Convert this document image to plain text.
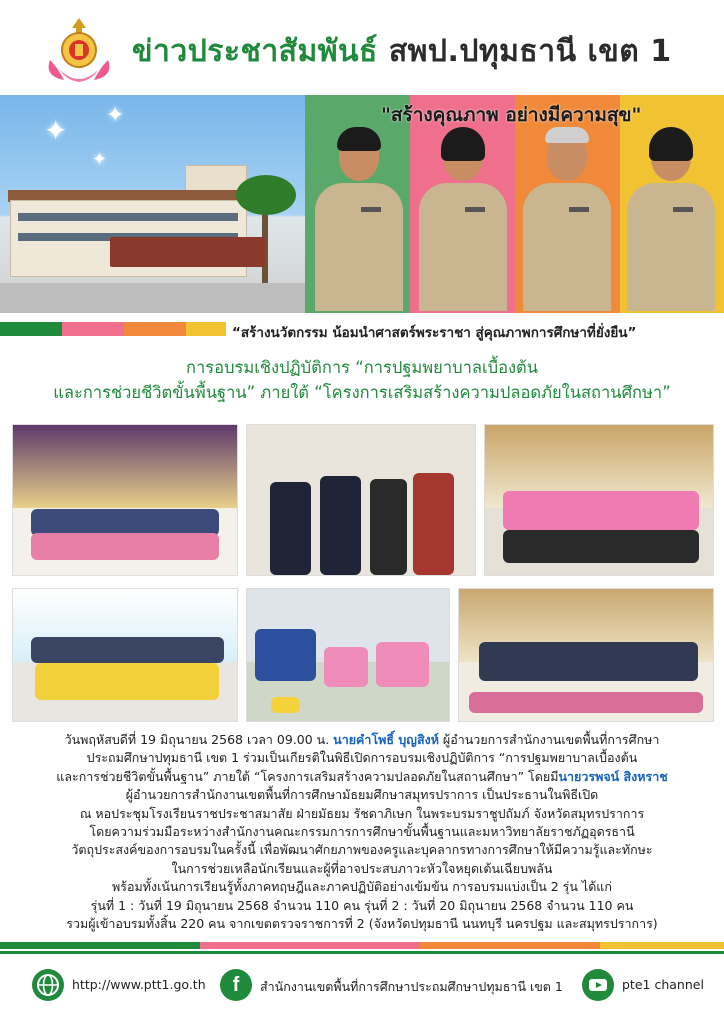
ข่าวประชาสัมพันธ์ สพป.ปทุมธานี เขต 1
✦ ✦
✦
"สร้างคุณภาพ อย่างมีความสุข"
“สร้างนวัตกรรม น้อมนำศาสตร์พระราชา สู่คุณภาพการศึกษาที่ยั่งยืน”
การอบรมเชิงปฏิบัติการ “การปฐมพยาบาลเบื้องต้น
และการช่วยชีวิตขั้นพื้นฐาน” ภายใต้ “โครงการเสริมสร้างความปลอดภัยในสถานศึกษา”
วันพฤหัสบดีที่ 19 มิถุนายน 2568 เวลา 09.00 น. นายคำโพธิ์ บุญสิงห์ ผู้อำนวยการสำนักงานเขตพื้นที่การศึกษา
ประถมศึกษาปทุมธานี เขต 1 ร่วมเป็นเกียรติในพิธีเปิดการอบรมเชิงปฏิบัติการ “การปฐมพยาบาลเบื้องต้น
และการช่วยชีวิตขั้นพื้นฐาน” ภายใต้ “โครงการเสริมสร้างความปลอดภัยในสถานศึกษา” โดยมีนายวรพจน์ สิงหราช
ผู้อำนวยการสำนักงานเขตพื้นที่การศึกษามัธยมศึกษาสมุทรปราการ เป็นประธานในพิธีเปิด
ณ หอประชุมโรงเรียนราชประชาสมาสัย ฝ่ายมัธยม รัชดาภิเษก ในพระบรมราชูปถัมภ์ จังหวัดสมุทรปราการ
โดยความร่วมมือระหว่างสำนักงานคณะกรรมการการศึกษาขั้นพื้นฐานและมหาวิทยาลัยราชภัฏอุดรธานี
วัตถุประสงค์ของการอบรมในครั้งนี้ เพื่อพัฒนาศักยภาพของครูและบุคลากรทางการศึกษาให้มีความรู้และทักษะ
ในการช่วยเหลือนักเรียนและผู้ที่อาจประสบภาวะหัวใจหยุดเต้นเฉียบพลัน
พร้อมทั้งเน้นการเรียนรู้ทั้งภาคทฤษฎีและภาคปฏิบัติอย่างเข้มข้น การอบรมแบ่งเป็น 2 รุ่น ได้แก่
รุ่นที่ 1 : วันที่ 19 มิถุนายน 2568 จำนวน 110 คน รุ่นที่ 2 : วันที่ 20 มิถุนายน 2568 จำนวน 110 คน
รวมผู้เข้าอบรมทั้งสิ้น 220 คน จากเขตตรวจราชการที่ 2 (จังหวัดปทุมธานี นนทบุรี นครปฐม และสมุทรปราการ)
http://www.ptt1.go.th	f	สำนักงานเขตพื้นที่การศึกษาประถมศึกษาปทุมธานี เขต 1	pte1 channel
